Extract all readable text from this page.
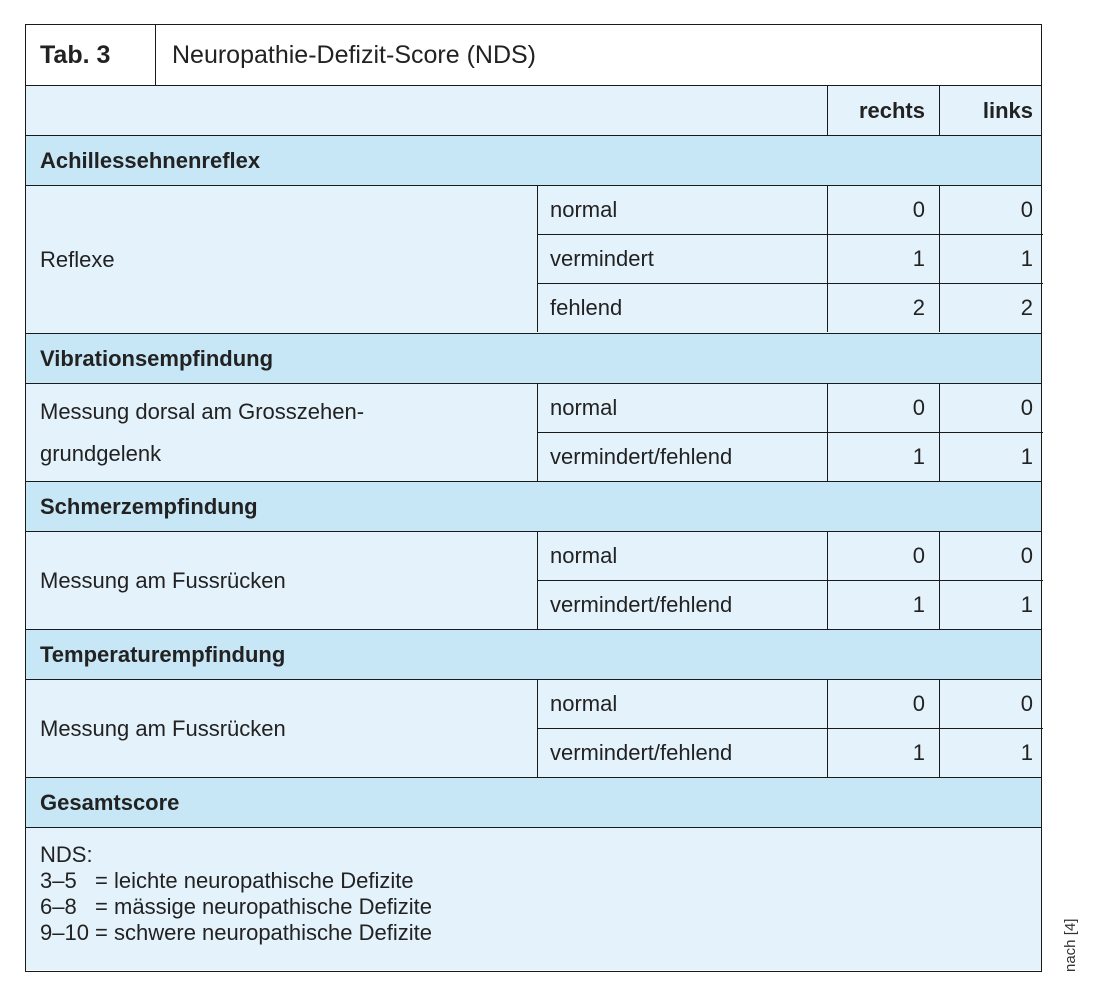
Tab. 3	Neuropathie-Defizit-Score (NDS)
rechts	links
Achillessehnenreflex
Reflexe
normal	0	0
vermindert	1	1
fehlend	2	2
Vibrationsempfindung
Messung dorsal am Grosszehen-
grundgelenk
normal	0	0
vermindert/fehlend	1	1
Schmerzempfindung
Messung am Fussrücken
normal	0	0
vermindert/fehlend	1	1
Temperaturempfindung
Messung am Fussrücken
normal	0	0
vermindert/fehlend	1	1
Gesamtscore
NDS:
3–5   = leichte neuropathische Defizite
6–8   = mässige neuropathische Defizite
9–10 = schwere neuropathische Defizite	nach [4]
